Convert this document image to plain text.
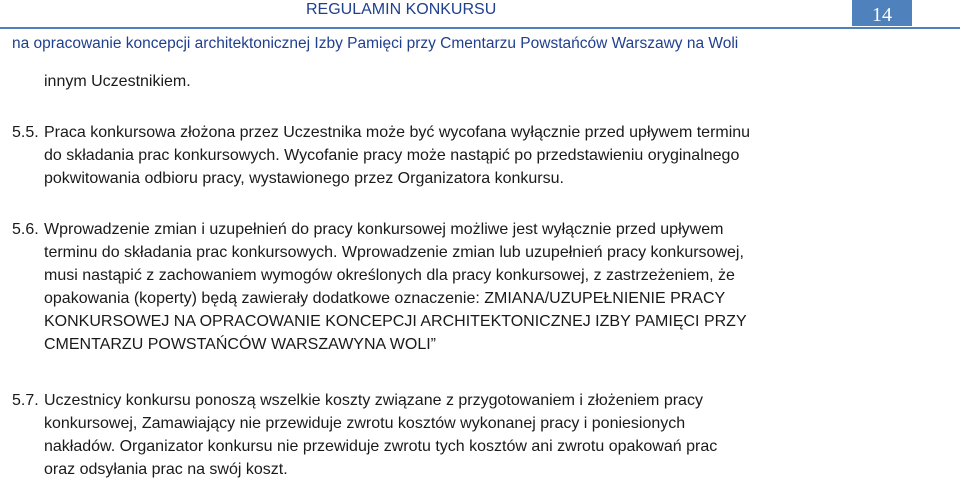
REGULAMIN KONKURSU	14
na opracowanie koncepcji architektonicznej Izby Pamięci przy Cmentarzu Powstańców Warszawy na Woli
innym Uczestnikiem.
5.5. Praca konkursowa złożona przez Uczestnika może być wycofana wyłącznie przed upływem terminu
do składania prac konkursowych. Wycofanie pracy może nastąpić po przedstawieniu oryginalnego
pokwitowania odbioru pracy, wystawionego przez Organizatora konkursu.
5.6. Wprowadzenie zmian i uzupełnień do pracy konkursowej możliwe jest wyłącznie przed upływem
terminu do składania prac konkursowych. Wprowadzenie zmian lub uzupełnień pracy konkursowej,
musi nastąpić z zachowaniem wymogów określonych dla pracy konkursowej, z zastrzeżeniem, że
opakowania (koperty) będą zawierały dodatkowe oznaczenie: ZMIANA/UZUPEŁNIENIE PRACY
KONKURSOWEJ NA OPRACOWANIE KONCEPCJI ARCHITEKTONICZNEJ IZBY PAMIĘCI PRZY
CMENTARZU POWSTAŃCÓW WARSZAWYNA WOLI”
5.7. Uczestnicy konkursu ponoszą wszelkie koszty związane z przygotowaniem i złożeniem pracy
konkursowej, Zamawiający nie przewiduje zwrotu kosztów wykonanej pracy i poniesionych
nakładów. Organizator konkursu nie przewiduje zwrotu tych kosztów ani zwrotu opakowań prac
oraz odsyłania prac na swój koszt.
